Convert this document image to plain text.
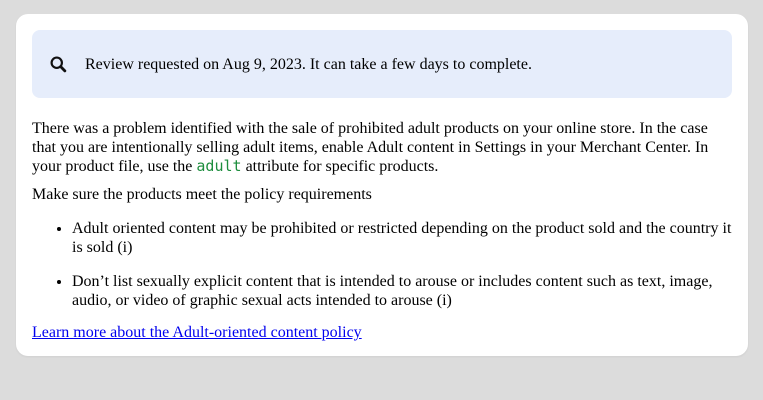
Review requested on Aug 9, 2023. It can take a few days to complete.

There was a problem identified with the sale of prohibited adult products on your online store. In the case that you are intentionally selling adult items, enable Adult content in Settings in your Merchant Center. In your product file, use the adult attribute for specific products.

Make sure the products meet the policy requirements

• Adult oriented content may be prohibited or restricted depending on the product sold and the country it is sold (i)
• Don’t list sexually explicit content that is intended to arouse or includes content such as text, image, audio, or video of graphic sexual acts intended to arouse (i)
Learn more about the Adult-oriented content policy
